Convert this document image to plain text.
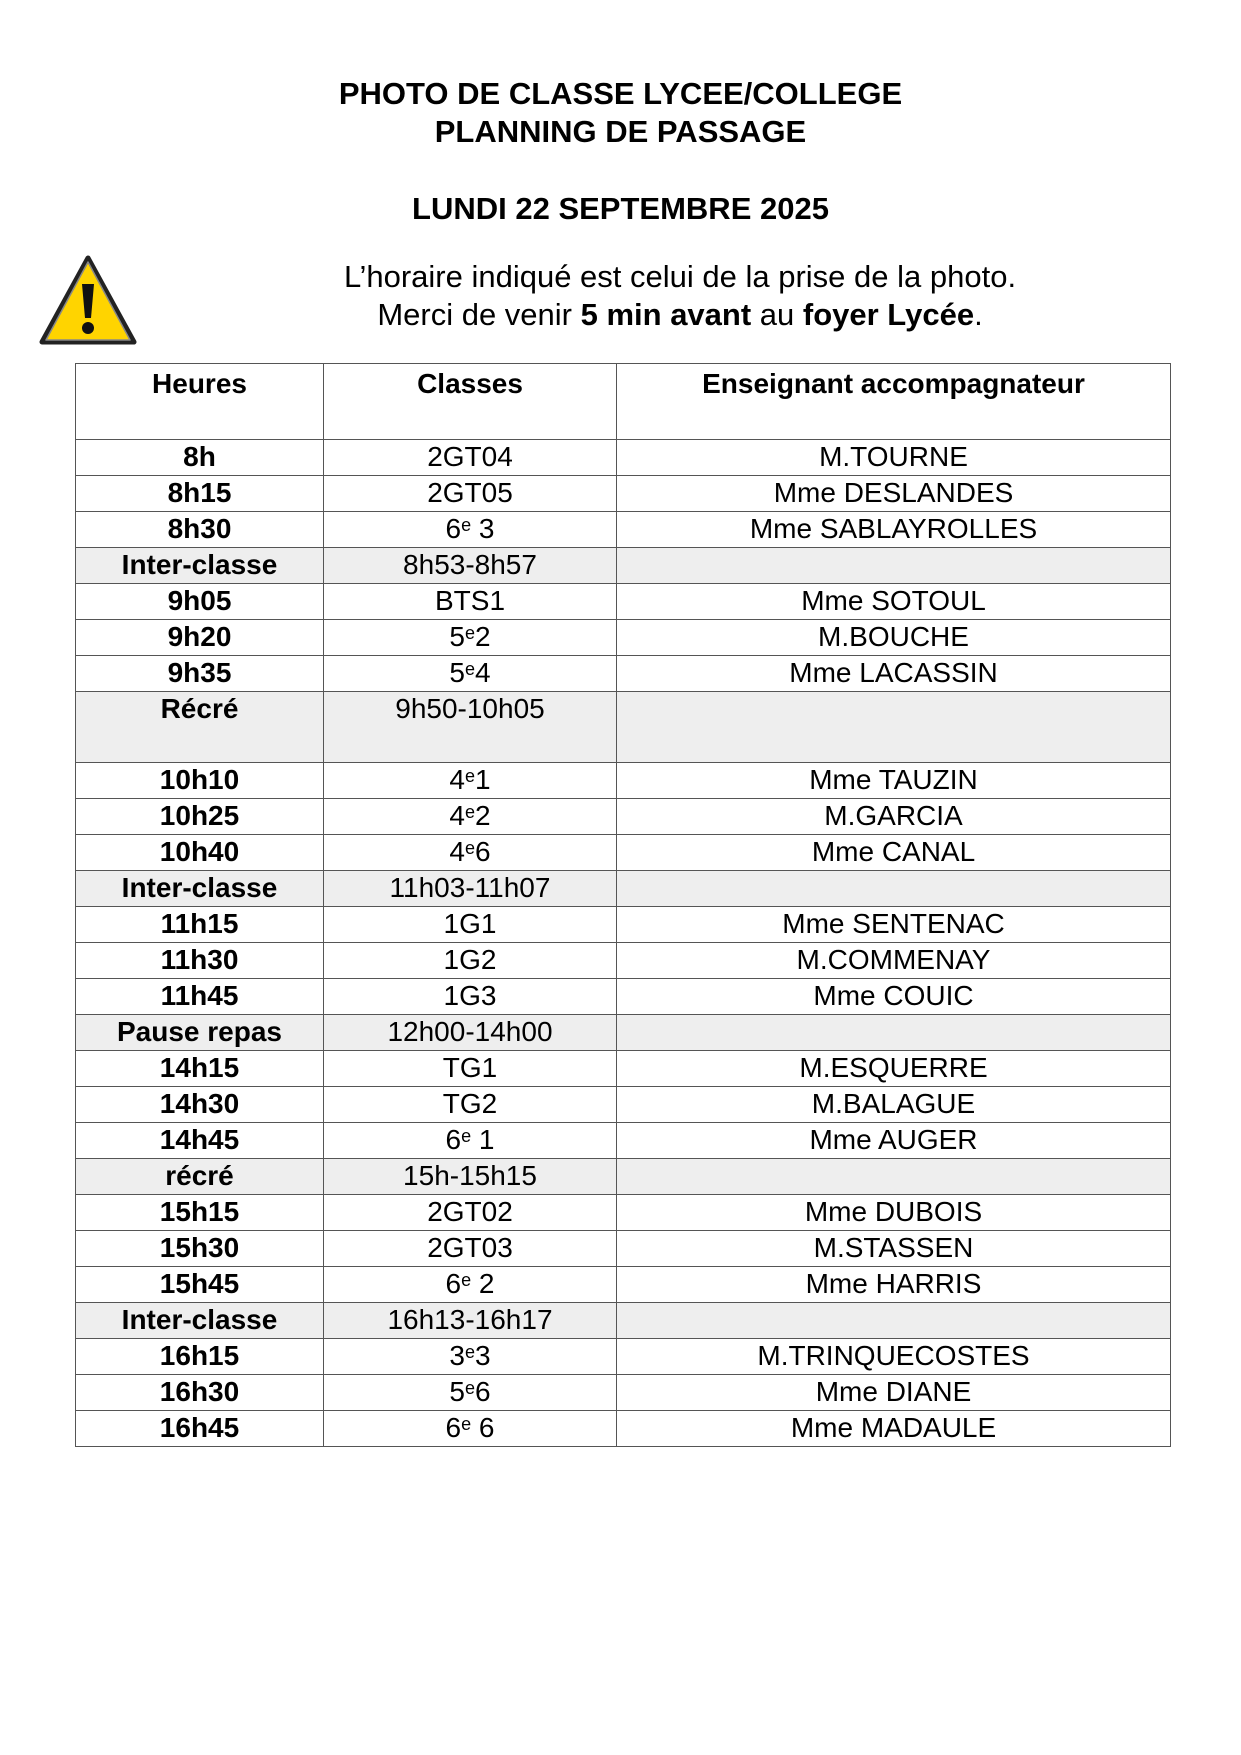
PHOTO DE CLASSE LYCEE/COLLEGE
PLANNING DE PASSAGE
LUNDI 22 SEPTEMBRE 2025
L’horaire indiqué est celui de la prise de la photo.
Merci de venir 5 min avant au foyer Lycée.
Heures	Classes	Enseignant accompagnateur
8h	2GT04	M.TOURNE
8h15	2GT05	Mme DESLANDES
8h30	6e 3	Mme SABLAYROLLES
Inter-classe	8h53-8h57	
9h05	BTS1	Mme SOTOUL
9h20	5e2	M.BOUCHE
9h35	5e4	Mme LACASSIN
Récré	9h50-10h05	
10h10	4e1	Mme TAUZIN
10h25	4e2	M.GARCIA
10h40	4e6	Mme CANAL
Inter-classe	11h03-11h07	
11h15	1G1	Mme SENTENAC
11h30	1G2	M.COMMENAY
11h45	1G3	Mme COUIC
Pause repas	12h00-14h00	
14h15	TG1	M.ESQUERRE
14h30	TG2	M.BALAGUE
14h45	6e 1	Mme AUGER
récré	15h-15h15	
15h15	2GT02	Mme DUBOIS
15h30	2GT03	M.STASSEN
15h45	6e 2	Mme HARRIS
Inter-classe	16h13-16h17	
16h15	3e3	M.TRINQUECOSTES
16h30	5e6	Mme DIANE
16h45	6e 6	Mme MADAULE
